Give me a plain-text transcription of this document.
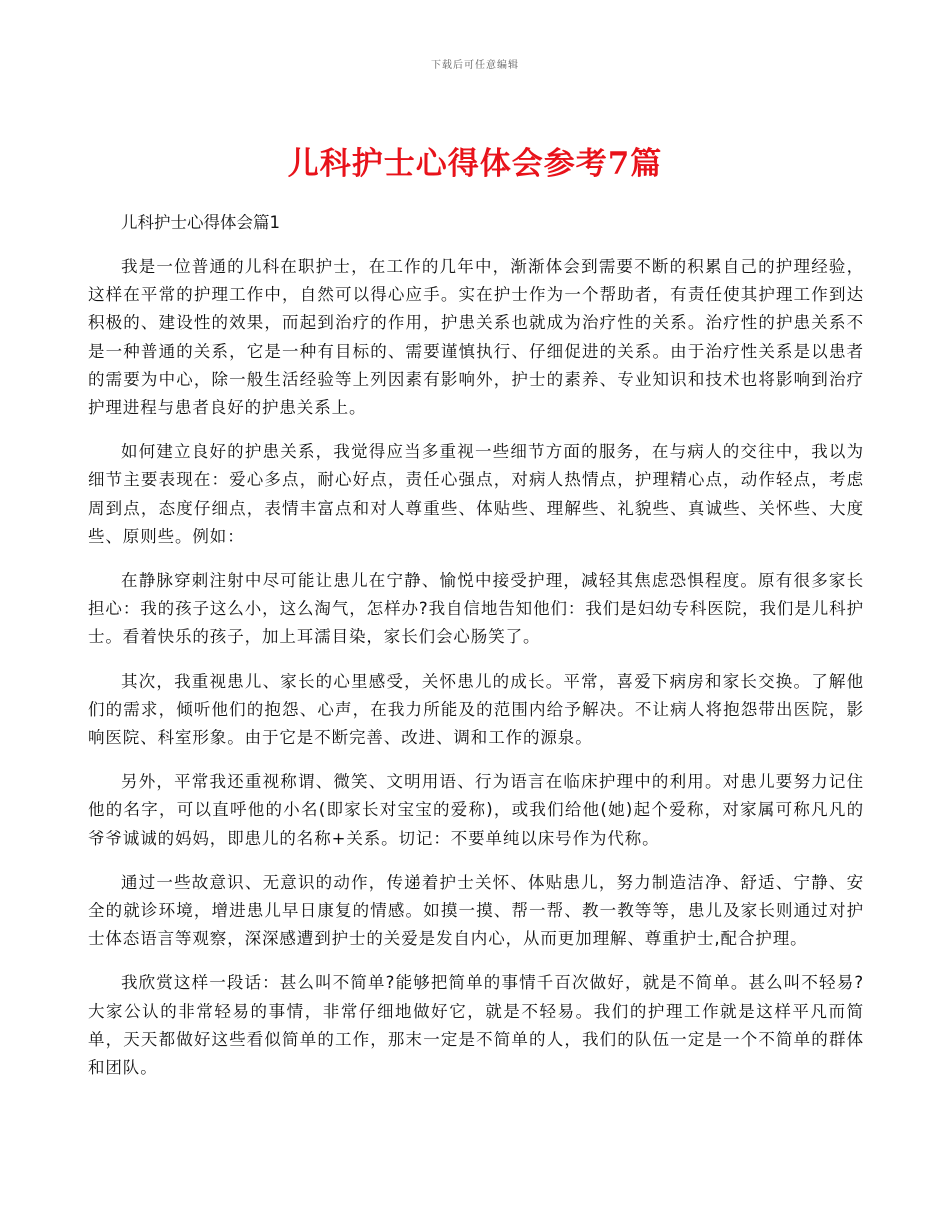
下载后可任意编辑
儿科护士心得体会参考7篇

儿科护士心得体会篇1

我是一位普通的儿科在职护士，在工作的几年中，渐渐体会到需要不断的积累自己的护理经验，这样在平常的护理工作中，自然可以得心应手。实在护士作为一个帮助者，有责任使其护理工作到达积极的、建设性的效果，而起到治疗的作用，护患关系也就成为治疗性的关系。治疗性的护患关系不是一种普通的关系，它是一种有目标的、需要谨慎执行、仔细促进的关系。由于治疗性关系是以患者的需要为中心，除一般生活经验等上列因素有影响外，护士的素养、专业知识和技术也将影响到治疗护理进程与患者良好的护患关系上。

如何建立良好的护患关系，我觉得应当多重视一些细节方面的服务，在与病人的交往中，我以为细节主要表现在：爱心多点，耐心好点，责任心强点，对病人热情点，护理精心点，动作轻点，考虑周到点，态度仔细点，表情丰富点和对人尊重些、体贴些、理解些、礼貌些、真诚些、关怀些、大度些、原则些。例如：

在静脉穿刺注射中尽可能让患儿在宁静、愉悦中接受护理，减轻其焦虑恐惧程度。原有很多家长担心：我的孩子这么小，这么淘气，怎样办?我自信地告知他们：我们是妇幼专科医院，我们是儿科护士。看着快乐的孩子，加上耳濡目染，家长们会心肠笑了。

其次，我重视患儿、家长的心里感受，关怀患儿的成长。平常，喜爱下病房和家长交换。了解他们的需求，倾听他们的抱怨、心声，在我力所能及的范围内给予解决。不让病人将抱怨带出医院，影响医院、科室形象。由于它是不断完善、改进、调和工作的源泉。

另外，平常我还重视称谓、微笑、文明用语、行为语言在临床护理中的利用。对患儿要努力记住他的名字，可以直呼他的小名(即家长对宝宝的爱称)，或我们给他(她)起个爱称，对家属可称凡凡的爷爷诚诚的妈妈，即患儿的名称+关系。切记：不要单纯以床号作为代称。

通过一些故意识、无意识的动作，传递着护士关怀、体贴患儿，努力制造洁净、舒适、宁静、安全的就诊环境，增进患儿早日康复的情感。如摸一摸、帮一帮、教一教等等，患儿及家长则通过对护士体态语言等观察，深深感遭到护士的关爱是发自内心，从而更加理解、尊重护士,配合护理。

我欣赏这样一段话：甚么叫不简单?能够把简单的事情千百次做好，就是不简单。甚么叫不轻易?大家公认的非常轻易的事情，非常仔细地做好它，就是不轻易。我们的护理工作就是这样平凡而简单，天天都做好这些看似简单的工作，那末一定是不简单的人，我们的队伍一定是一个不简单的群体和团队。
